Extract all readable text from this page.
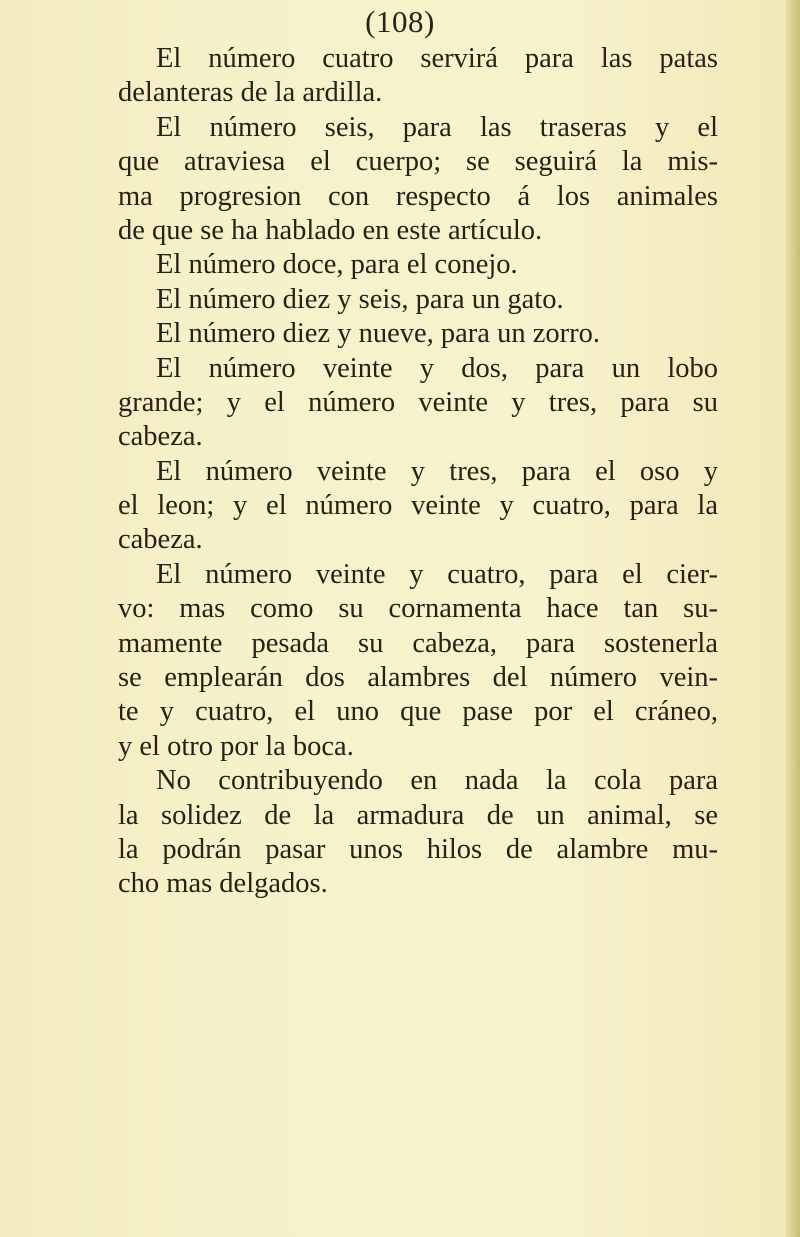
(108)
El número cuatro servirá para las patas
delanteras de la ardilla.
El número seis, para las traseras y el
que atraviesa el cuerpo; se seguirá la mis-
ma progresion con respecto á los animales
de que se ha hablado en este artículo.
El número doce, para el conejo.
El número diez y seis, para un gato.
El número diez y nueve, para un zorro.
El número veinte y dos, para un lobo
grande; y el número veinte y tres, para su
cabeza.
El número veinte y tres, para el oso y
el leon; y el número veinte y cuatro, para la
cabeza.
El número veinte y cuatro, para el cier-
vo: mas como su cornamenta hace tan su-
mamente pesada su cabeza, para sostenerla
se emplearán dos alambres del número vein-
te y cuatro, el uno que pase por el cráneo,
y el otro por la boca.
No contribuyendo en nada la cola para
la solidez de la armadura de un animal, se
la podrán pasar unos hilos de alambre mu-
cho mas delgados.
